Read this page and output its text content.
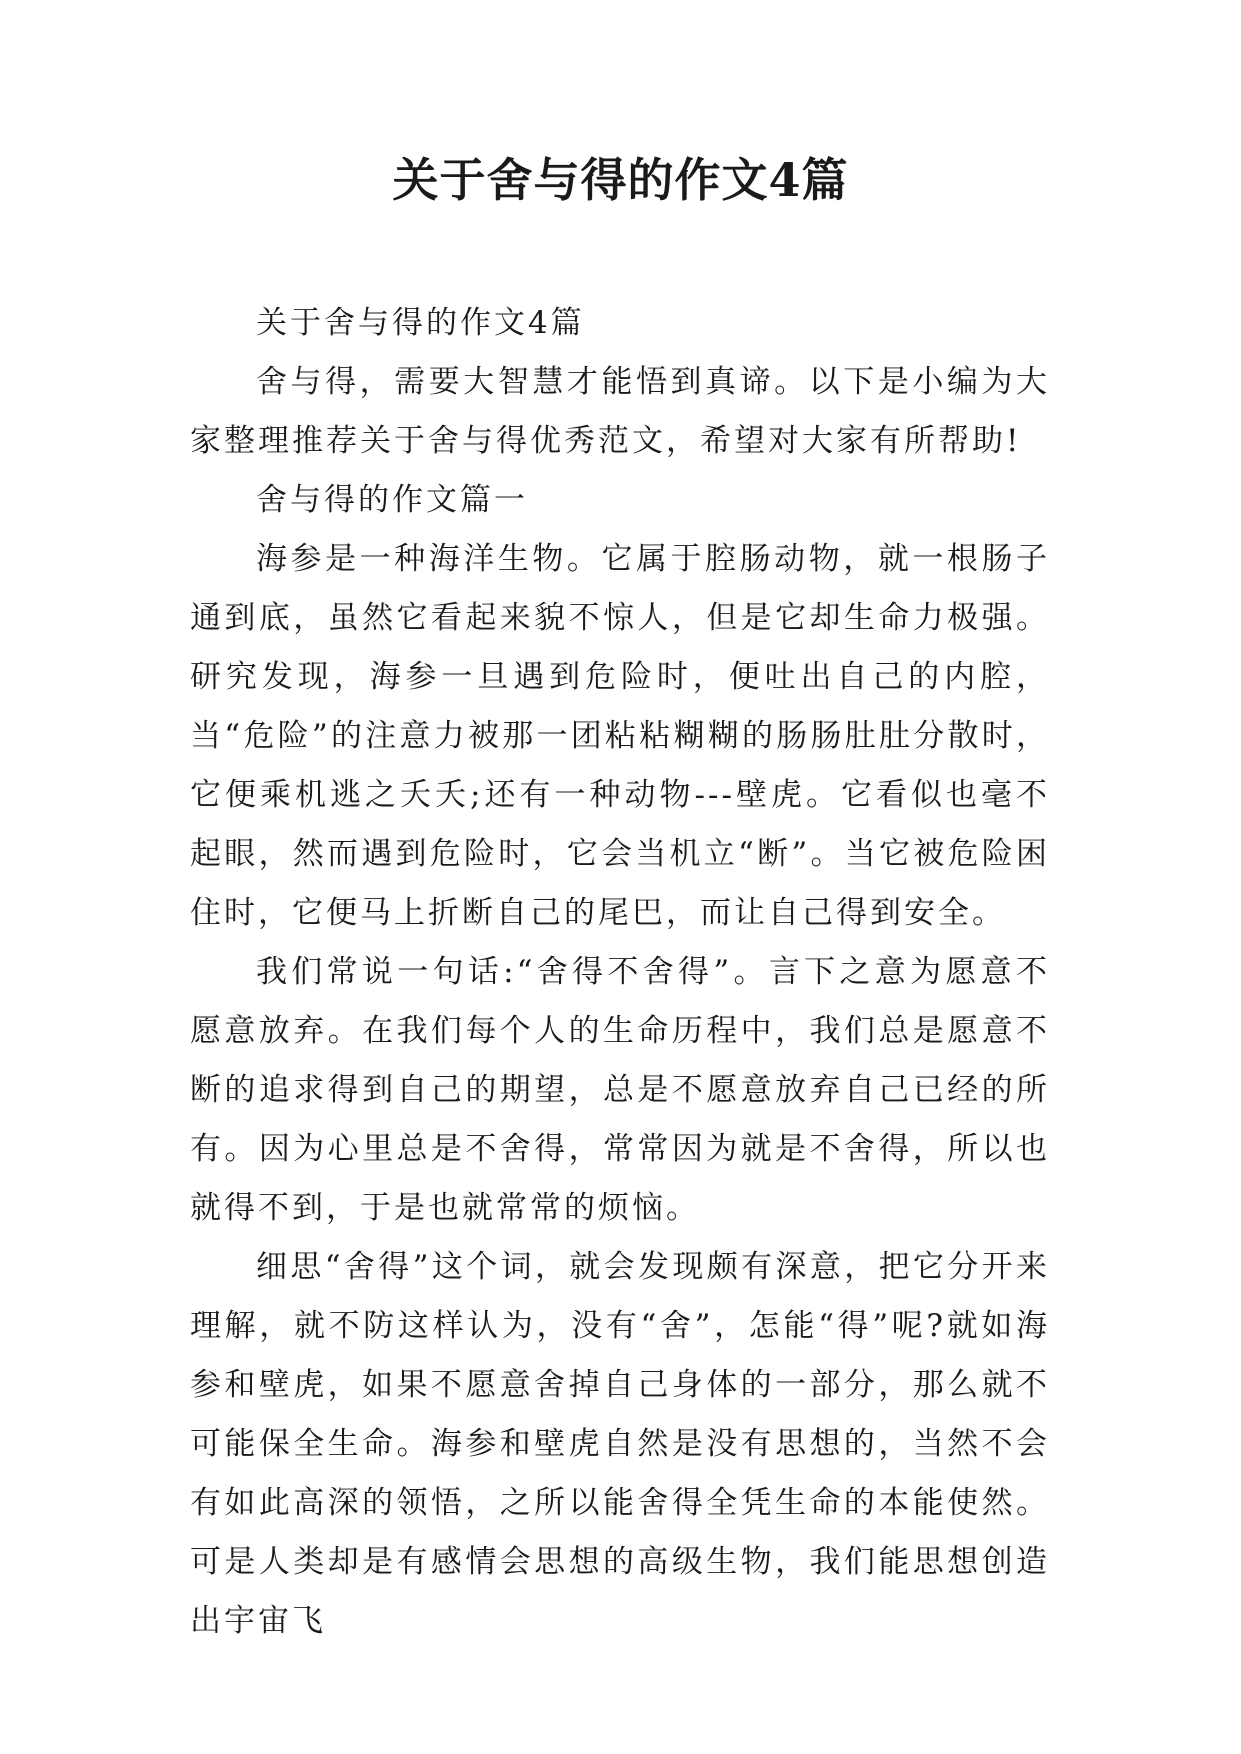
关于舍与得的作文4篇

关于舍与得的作文4篇

舍与得，需要大智慧才能悟到真谛。以下是小编为大家整理推荐关于舍与得优秀范文，希望对大家有所帮助!

舍与得的作文篇一

海参是一种海洋生物。它属于腔肠动物，就一根肠子通到底，虽然它看起来貌不惊人，但是它却生命力极强。研究发现，海参一旦遇到危险时，便吐出自己的内腔，当“危险”的注意力被那一团粘粘糊糊的肠肠肚肚分散时，它便乘机逃之夭夭;还有一种动物---壁虎。它看似也毫不起眼，然而遇到危险时，它会当机立“断”。当它被危险困住时，它便马上折断自己的尾巴，而让自己得到安全。

我们常说一句话:“舍得不舍得”。言下之意为愿意不愿意放弃。在我们每个人的生命历程中，我们总是愿意不断的追求得到自己的期望，总是不愿意放弃自己已经的所有。因为心里总是不舍得，常常因为就是不舍得，所以也就得不到，于是也就常常的烦恼。

细思“舍得”这个词，就会发现颇有深意，把它分开来理解，就不防这样认为，没有“舍”，怎能“得”呢?就如海参和壁虎，如果不愿意舍掉自己身体的一部分，那么就不可能保全生命。海参和壁虎自然是没有思想的，当然不会有如此高深的领悟，之所以能舍得全凭生命的本能使然。可是人类却是有感情会思想的高级生物，我们能思想创造出宇宙飞
